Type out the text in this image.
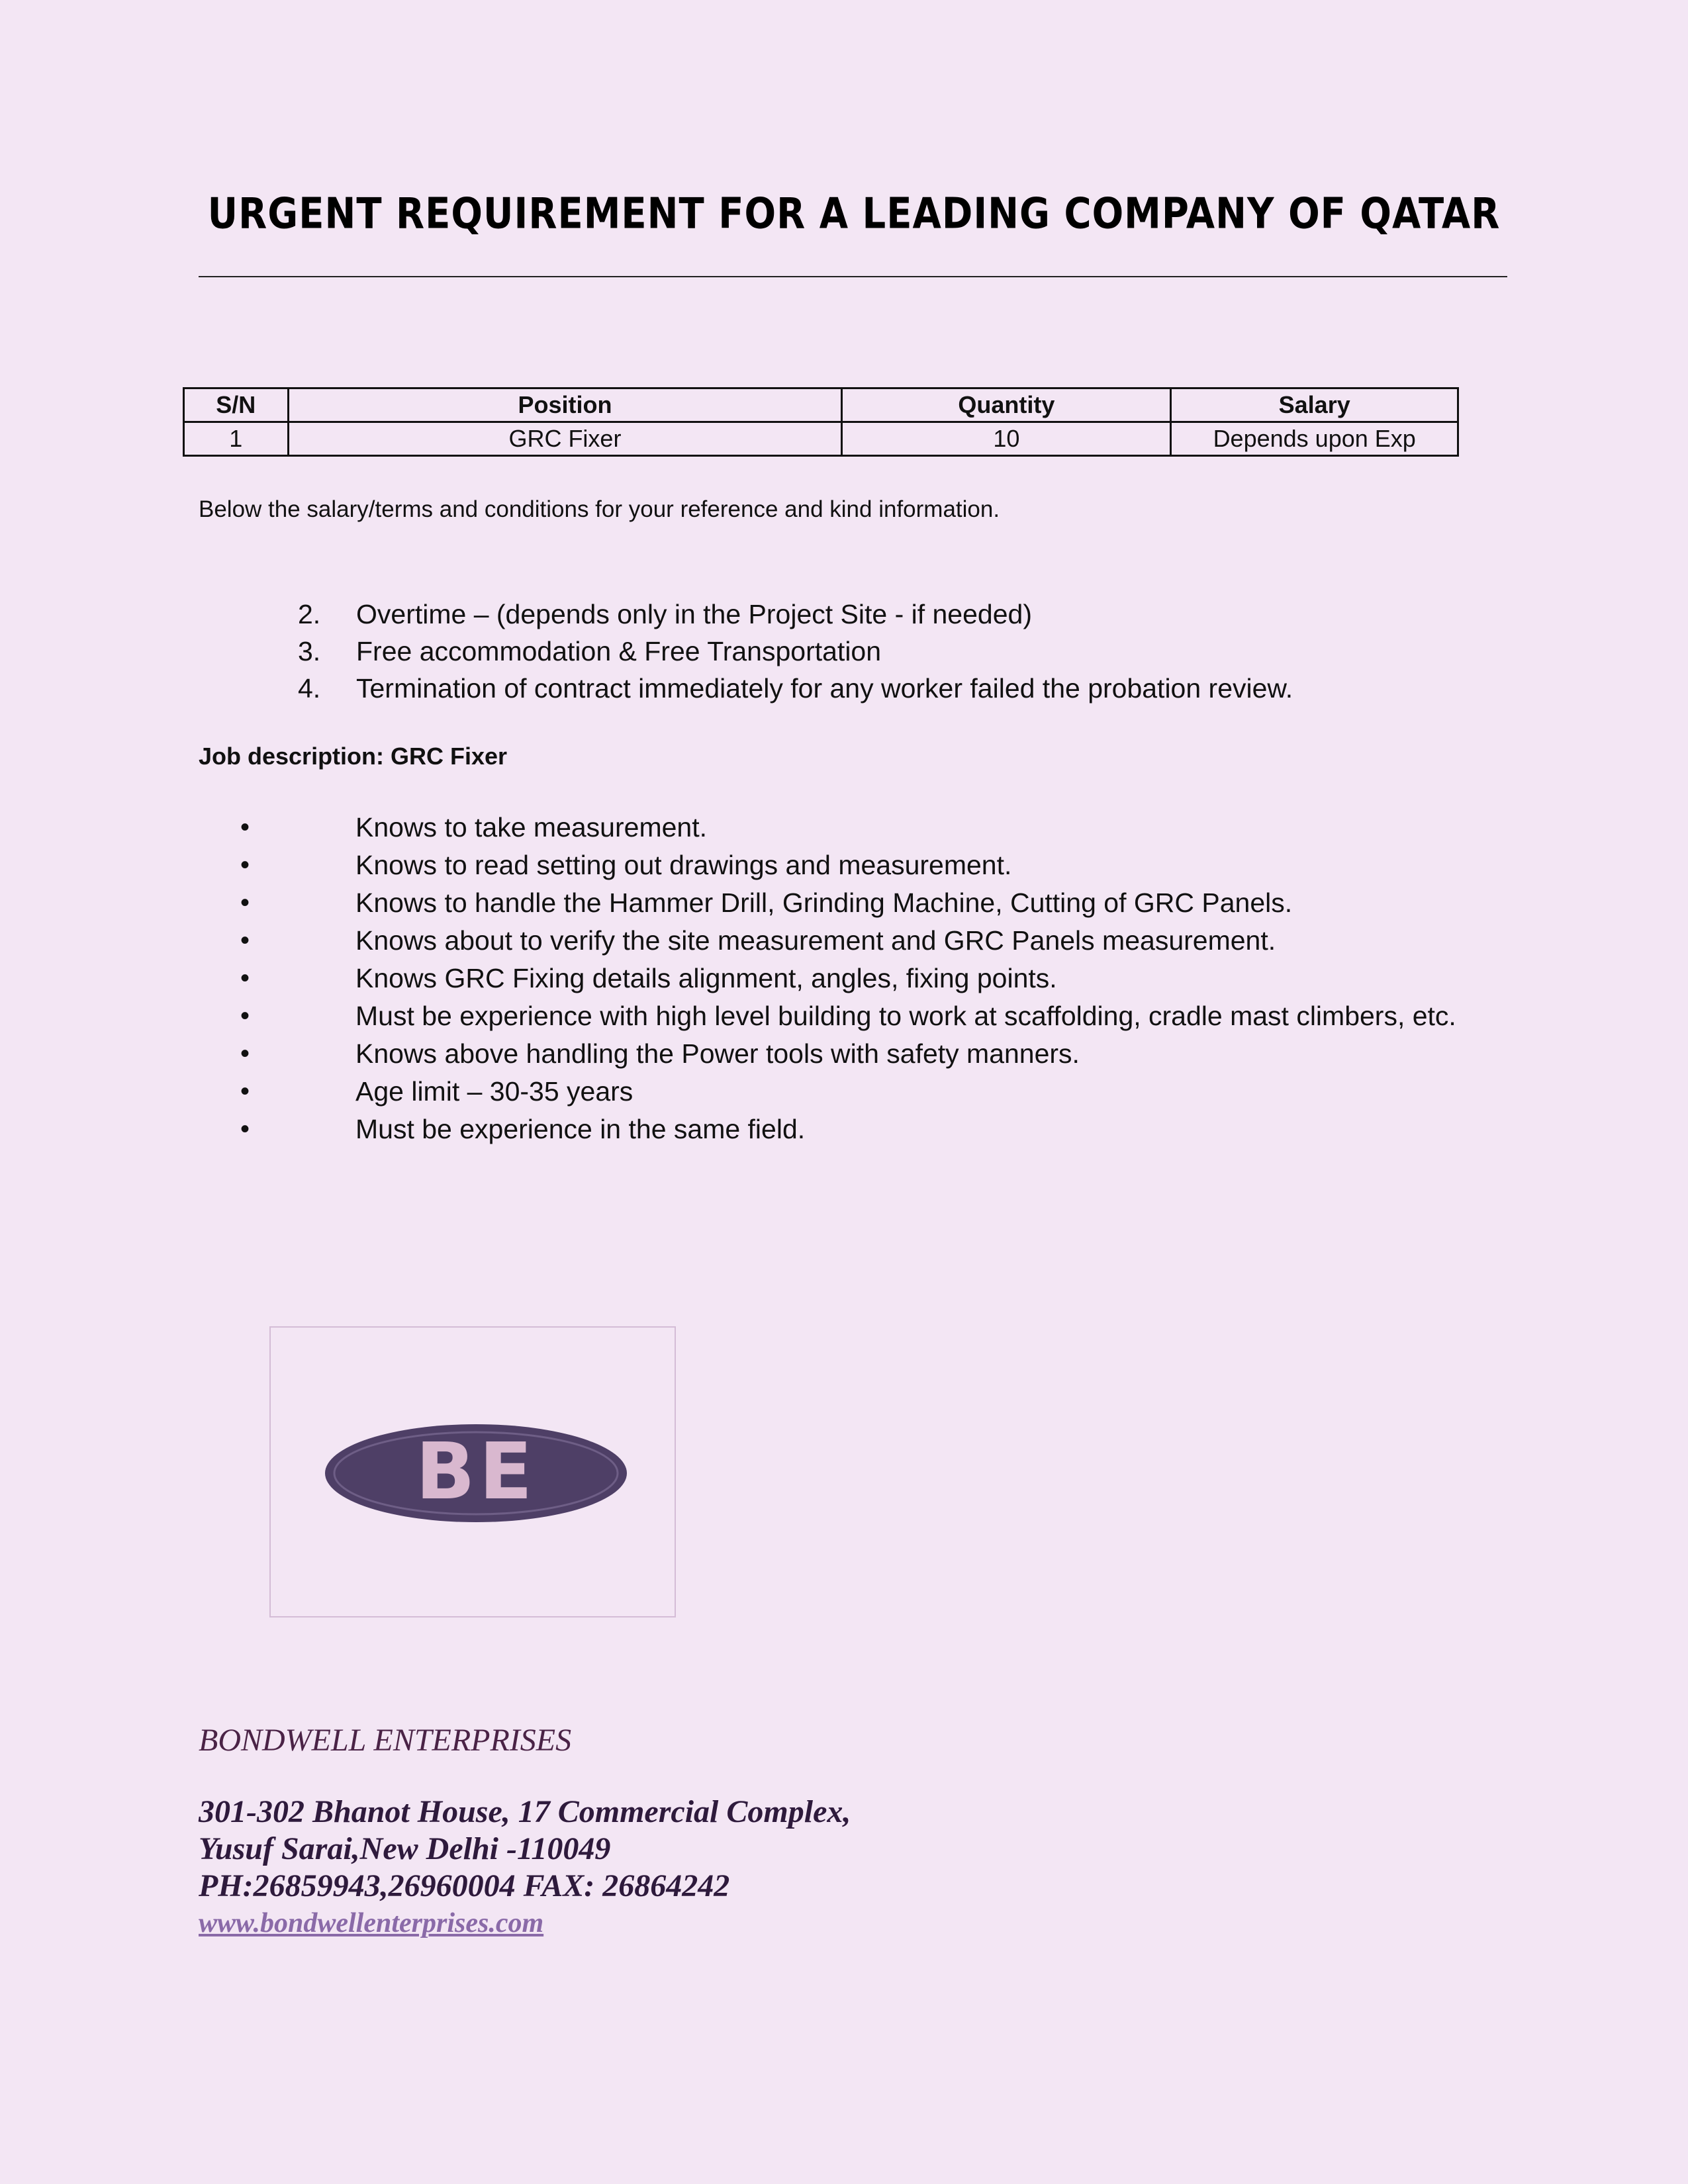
URGENT REQUIREMENT FOR A LEADING COMPANY OF QATAR
S/N	Position	Quantity	Salary
1	GRC Fixer	10	Depends upon Exp
Below the salary/terms and conditions for your reference and kind information.
2. Overtime – (depends only in the Project Site - if needed)
3. Free accommodation & Free Transportation
4. Termination of contract immediately for any worker failed the probation review.
Job description: GRC Fixer
•	Knows to take measurement.
•	Knows to read setting out drawings and measurement.
•	Knows to handle the Hammer Drill, Grinding Machine, Cutting of GRC Panels.
•	Knows about to verify the site measurement and GRC Panels measurement.
•	Knows GRC Fixing details alignment, angles, fixing points.
•	Must be experience with high level building to work at scaffolding, cradle mast climbers, etc.
•	Knows above handling the Power tools with safety manners.
•	Age limit – 30-35 years
•	Must be experience in the same field.
BE
BONDWELL ENTERPRISES
301-302 Bhanot House, 17 Commercial Complex,
Yusuf Sarai,New Delhi -110049
PH:26859943,26960004 FAX: 26864242
www.bondwellenterprises.com
